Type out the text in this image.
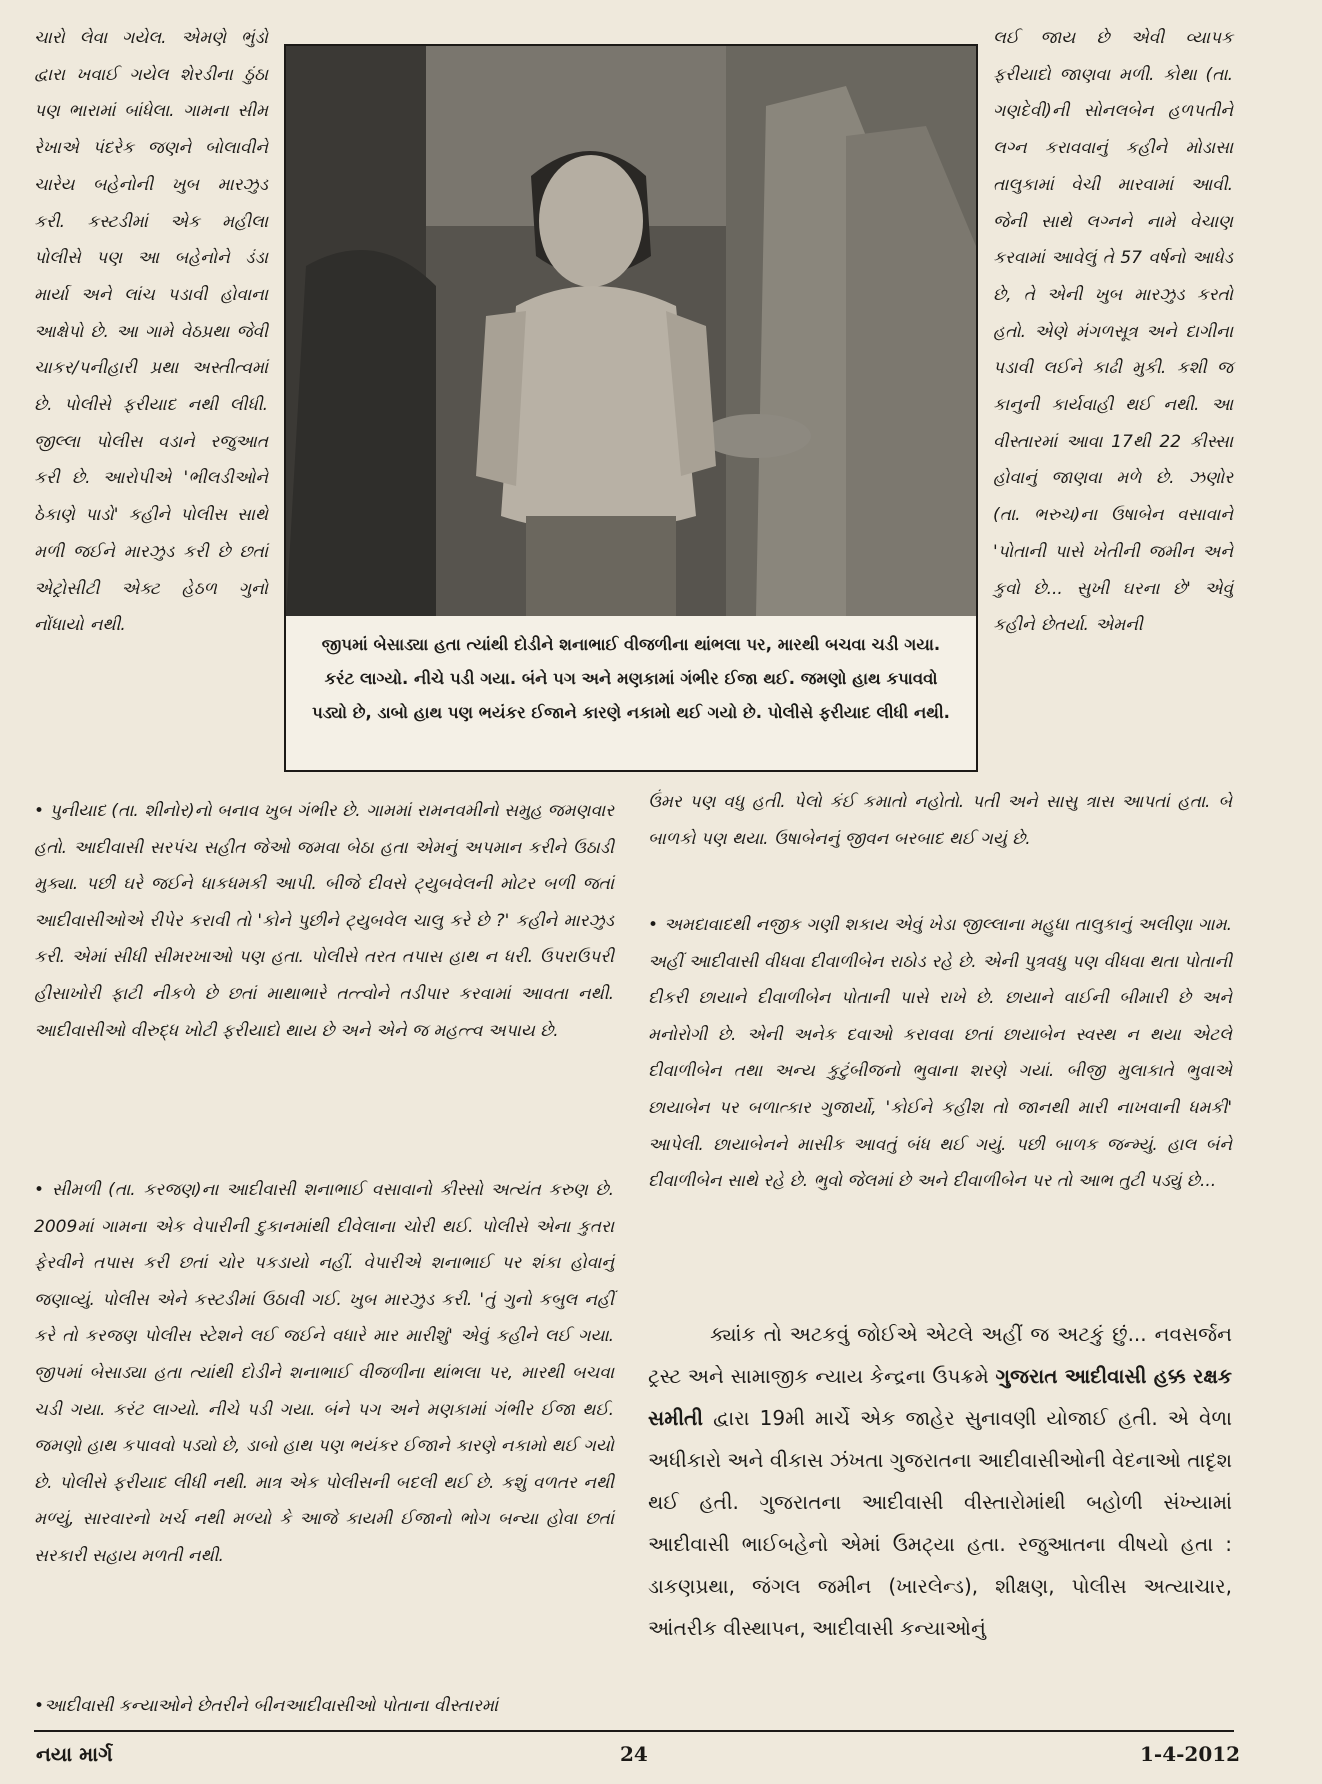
ચારો લેવા ગયેલ. એમણે ભુંડો દ્વારા ખવાઈ ગયેલ શેરડીના ઠુંઠા પણ ભારામાં બાંધેલા. ગામના સીમ રેખાએ પંદરેક જણને બોલાવીને ચારેય બહેનોની ખુબ મારઝુડ કરી. કસ્ટડીમાં એક મહીલા પોલીસે પણ આ બહેનોને ડંડા માર્યા અને લાંચ પડાવી હોવાના આક્ષેપો છે. આ ગામે વેઠપ્રથા જેવી ચાકર/પનીહારી પ્રથા અસ્તીત્વમાં છે. પોલીસે ફરીયાદ નથી લીધી. જીલ્લા પોલીસ વડાને રજુઆત કરી છે. આરોપીએ 'ભીલડીઓને ઠેકાણે પાડો' કહીને પોલીસ સાથે મળી જઈને મારઝુડ કરી છે છતાં એટ્રોસીટી એક્ટ હેઠળ ગુનો નોંધાયો નથી.

જીપમાં બેસાડ્યા હતા ત્યાંથી દોડીને શનાભાઈ વીજળીના થાંભલા પર, મારથી બચવા ચડી ગયા. કરંટ લાગ્યો. નીચે પડી ગયા. બંને પગ અને મણકામાં ગંભીર ઈજા થઈ. જમણો હાથ કપાવવો પડ્યો છે, ડાબો હાથ પણ ભયંકર ઈજાને કારણે નકામો થઈ ગયો છે. પોલીસે ફરીયાદ લીધી નથી.

લઈ જાય છે એવી વ્યાપક ફરીયાદો જાણવા મળી. કોથા (તા. ગણદેવી)ની સોનલબેન હળપતીને લગ્ન કરાવવાનું કહીને મોડાસા તાલુકામાં વેચી મારવામાં આવી. જેની સાથે લગ્નને નામે વેચાણ કરવામાં આવેલું તે 57 વર્ષનો આધેડ છે, તે એની ખુબ મારઝુડ કરતો હતો. એણે મંગળસૂત્ર અને દાગીના પડાવી લઈને કાઢી મુકી. કશી જ કાનુની કાર્યવાહી થઈ નથી. આ વીસ્તારમાં આવા 17થી 22 કીસ્સા હોવાનું જાણવા મળે છે. ઝણોર (તા. ભરુચ)ના ઉષાબેન વસાવાને 'પોતાની પાસે ખેતીની જમીન અને કુવો છે... સુખી ઘરના છે' એવું કહીને છેતર્યા. એમની

• પુનીયાદ (તા. શીનોર)નો બનાવ ખુબ ગંભીર છે. ગામમાં રામનવમીનો સમુહ જમણવાર હતો. આદીવાસી સરપંચ સહીત જેઓ જમવા બેઠા હતા એમનું અપમાન કરીને ઉઠાડી મુક્યા. પછી ઘરે જઈને ધાકધમકી આપી. બીજે દીવસે ટ્યુબવેલની મોટર બળી જતાં આદીવાસીઓએ રીપેર કરાવી તો 'કોને પુછીને ટ્યુબવેલ ચાલુ કરે છે ?' કહીને મારઝુડ કરી. એમાં સીધી સીમરખાઓ પણ હતા. પોલીસે તરત તપાસ હાથ ન ધરી. ઉપરાઉપરી હીસાખોરી ફાટી નીકળે છે છતાં માથાભારે તત્ત્વોને તડીપાર કરવામાં આવતા નથી. આદીવાસીઓ વીરુદ્ધ ખોટી ફરીયાદો થાય છે અને એને જ મહત્ત્વ અપાય છે.

• સીમળી (તા. કરજણ)ના આદીવાસી શનાભાઈ વસાવાનો કીસ્સો અત્યંત કરુણ છે. 2009માં ગામના એક વેપારીની દુકાનમાંથી દીવેલાના ચોરી થઈ. પોલીસે એના કુતરા ફેરવીને તપાસ કરી છતાં ચોર પકડાયો નહીં. વેપારીએ શનાભાઈ પર શંકા હોવાનું જણાવ્યું. પોલીસ એને કસ્ટડીમાં ઉઠાવી ગઈ. ખુબ મારઝુડ કરી. 'તું ગુનો કબુલ નહીં કરે તો કરજણ પોલીસ સ્ટેશને લઈ જઈને વધારે માર મારીશું' એવું કહીને લઈ ગયા. જીપમાં બેસાડ્યા હતા ત્યાંથી દોડીને શનાભાઈ વીજળીના થાંભલા પર, મારથી બચવા ચડી ગયા. કરંટ લાગ્યો. નીચે પડી ગયા. બંને પગ અને મણકામાં ગંભીર ઈજા થઈ. જમણો હાથ કપાવવો પડ્યો છે, ડાબો હાથ પણ ભયંકર ઈજાને કારણે નકામો થઈ ગયો છે. પોલીસે ફરીયાદ લીધી નથી. માત્ર એક પોલીસની બદલી થઈ છે. કશું વળતર નથી મળ્યું, સારવારનો ખર્ચ નથી મળ્યો કે આજે કાયમી ઈજાનો ભોગ બન્યા હોવા છતાં સરકારી સહાય મળતી નથી.

•આદીવાસી કન્યાઓને છેતરીને બીનઆદીવાસીઓ પોતાના વીસ્તારમાં

ઉંમર પણ વધુ હતી. પેલો કંઈ કમાતો નહોતો. પતી અને સાસુ ત્રાસ આપતાં હતા. બે બાળકો પણ થયા. ઉષાબેનનું જીવન બરબાદ થઈ ગયું છે.

• અમદાવાદથી નજીક ગણી શકાય એવું ખેડા જીલ્લાના મહુધા તાલુકાનું અલીણા ગામ. અહીં આદીવાસી વીધવા દીવાળીબેન રાઠોડ રહે છે. એની પુત્રવધુ પણ વીધવા થતા પોતાની દીકરી છાયાને દીવાળીબેન પોતાની પાસે રાખે છે. છાયાને વાઈની બીમારી છે અને મનોરોગી છે. એની અનેક દવાઓ કરાવવા છતાં છાયાબેન સ્વસ્થ ન થયા એટલે દીવાળીબેન તથા અન્ય કુટુંબીજનો ભુવાના શરણે ગયાં. બીજી મુલાકાતે ભુવાએ છાયાબેન પર બળાત્કાર ગુજાર્યો, 'કોઈને કહીશ તો જાનથી મારી નાખવાની ધમકી' આપેલી. છાયાબેનને માસીક આવતું બંધ થઈ ગયું. પછી બાળક જન્મ્યું. હાલ બંને દીવાળીબેન સાથે રહે છે. ભુવો જેલમાં છે અને દીવાળીબેન પર તો આભ તુટી પડ્યું છે...

ક્યાંક તો અટકવું જોઈએ એટલે અહીં જ અટકું છું... નવસર્જન ટ્રસ્ટ અને સામાજીક ન્યાય કેન્દ્રના ઉપક્રમે ગુજરાત આદીવાસી હક્ક રક્ષક સમીતી દ્વારા 19મી માર્ચે એક જાહેર સુનાવણી યોજાઈ હતી. એ વેળા અધીકારો અને વીકાસ ઝંખતા ગુજરાતના આદીવાસીઓની વેદનાઓ તાદૃશ થઈ હતી. ગુજરાતના આદીવાસી વીસ્તારોમાંથી બહોળી સંખ્યામાં આદીવાસી ભાઈબહેનો એમાં ઉમટ્યા હતા. રજુઆતના વીષયો હતા : ડાકણપ્રથા, જંગલ જમીન (ખારલેન્ડ), શીક્ષણ, પોલીસ અત્યાચાર, આંતરીક વીસ્થાપન, આદીવાસી કન્યાઓનું

નયા માર્ગ	24	1-4-2012
